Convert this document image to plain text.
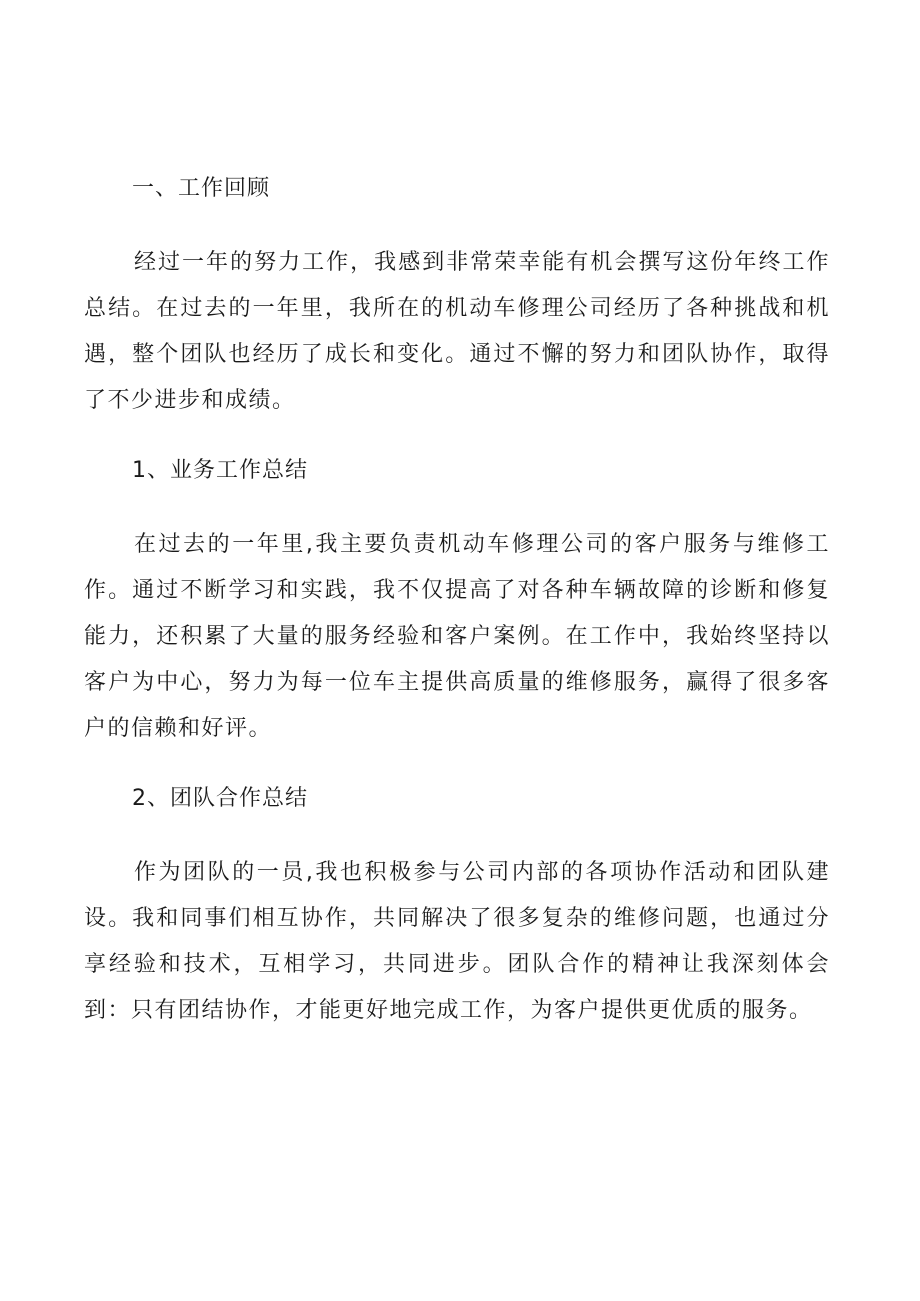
一、工作回顾

经过一年的努力工作，我感到非常荣幸能有机会撰写这份年终工作总结。在过去的一年里，我所在的机动车修理公司经历了各种挑战和机遇，整个团队也经历了成长和变化。通过不懈的努力和团队协作，取得了不少进步和成绩。

1、业务工作总结

在过去的一年里,我主要负责机动车修理公司的客户服务与维修工作。通过不断学习和实践，我不仅提高了对各种车辆故障的诊断和修复能力，还积累了大量的服务经验和客户案例。在工作中，我始终坚持以客户为中心，努力为每一位车主提供高质量的维修服务，赢得了很多客户的信赖和好评。

2、团队合作总结

作为团队的一员,我也积极参与公司内部的各项协作活动和团队建设。我和同事们相互协作，共同解决了很多复杂的维修问题，也通过分享经验和技术，互相学习，共同进步。团队合作的精神让我深刻体会到：只有团结协作，才能更好地完成工作，为客户提供更优质的服务。
